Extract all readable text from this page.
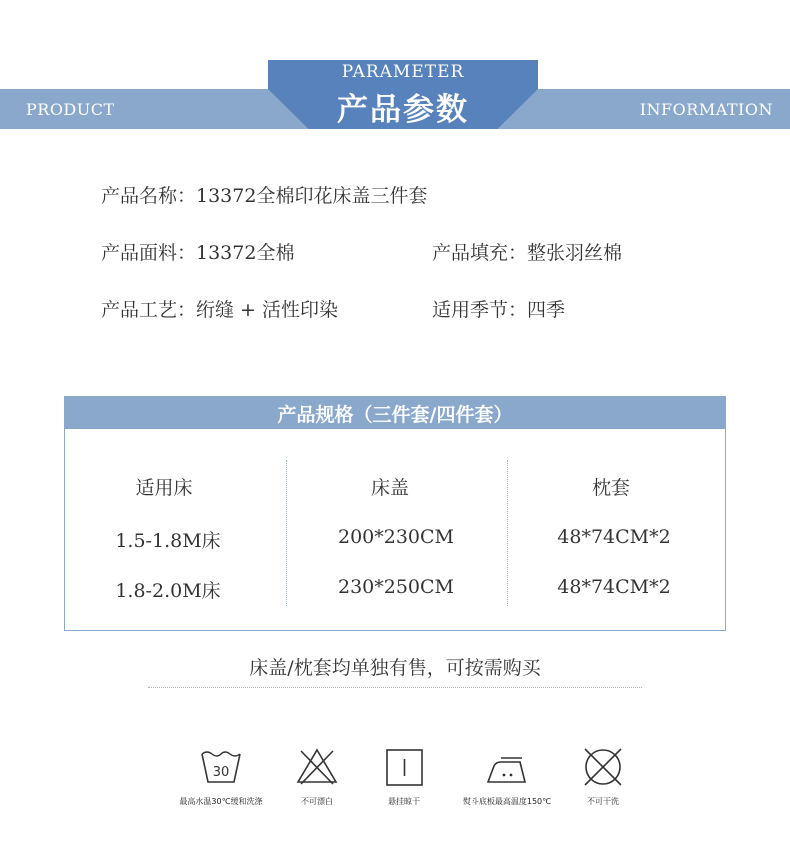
PRODUCT	INFORMATION
PARAMETER
产品参数
产品名称：13372全棉印花床盖三件套
产品面料：13372全棉	产品填充：整张羽丝棉
产品工艺：绗缝 + 活性印染	适用季节：四季
产品规格（三件套/四件套）
适用床	床盖	枕套
1.5-1.8M床	200*230CM	48*74CM*2
1.8-2.0M床	230*250CM	48*74CM*2
床盖/枕套均单独有售，可按需购买
30
最高水温30℃缓和洗涤	不可漂白	悬挂晾干	熨斗底板最高温度150℃	不可干洗
